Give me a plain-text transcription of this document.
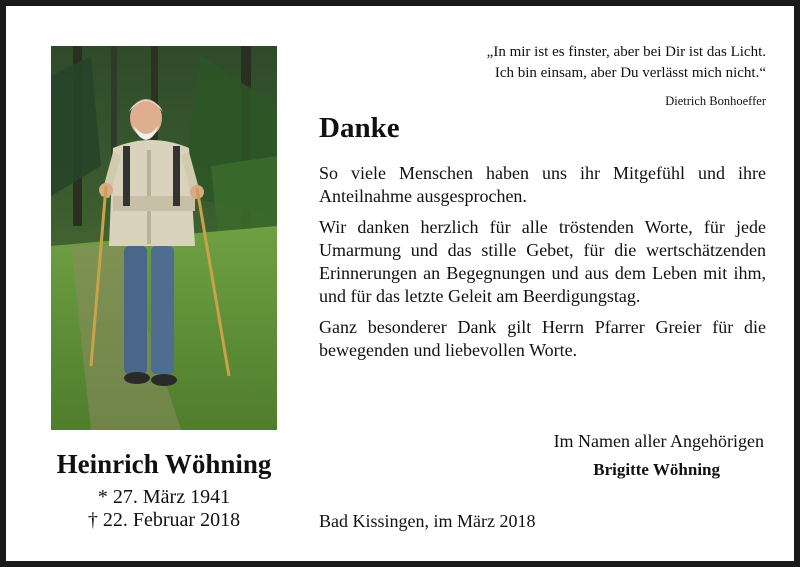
Heinrich Wöhning
* 27. März 1941
† 22. Februar 2018
„In mir ist es finster, aber bei Dir ist das Licht.
Ich bin einsam, aber Du verlässt mich nicht.“
Dietrich Bonhoeffer
Danke

So viele Menschen haben uns ihr Mitgefühl und ihre Anteilnahme ausgesprochen.

Wir danken herzlich für alle tröstenden Worte, für jede Umarmung und das stille Gebet, für die wertschätzenden Erinnerungen an Begegnungen und aus dem Leben mit ihm, und für das letzte Geleit am Beerdigungstag.

Ganz besonderer Dank gilt Herrn Pfarrer Greier für die bewegenden und liebevollen Worte.

Im Namen aller Angehörigen
Brigitte Wöhning
Bad Kissingen, im März 2018
